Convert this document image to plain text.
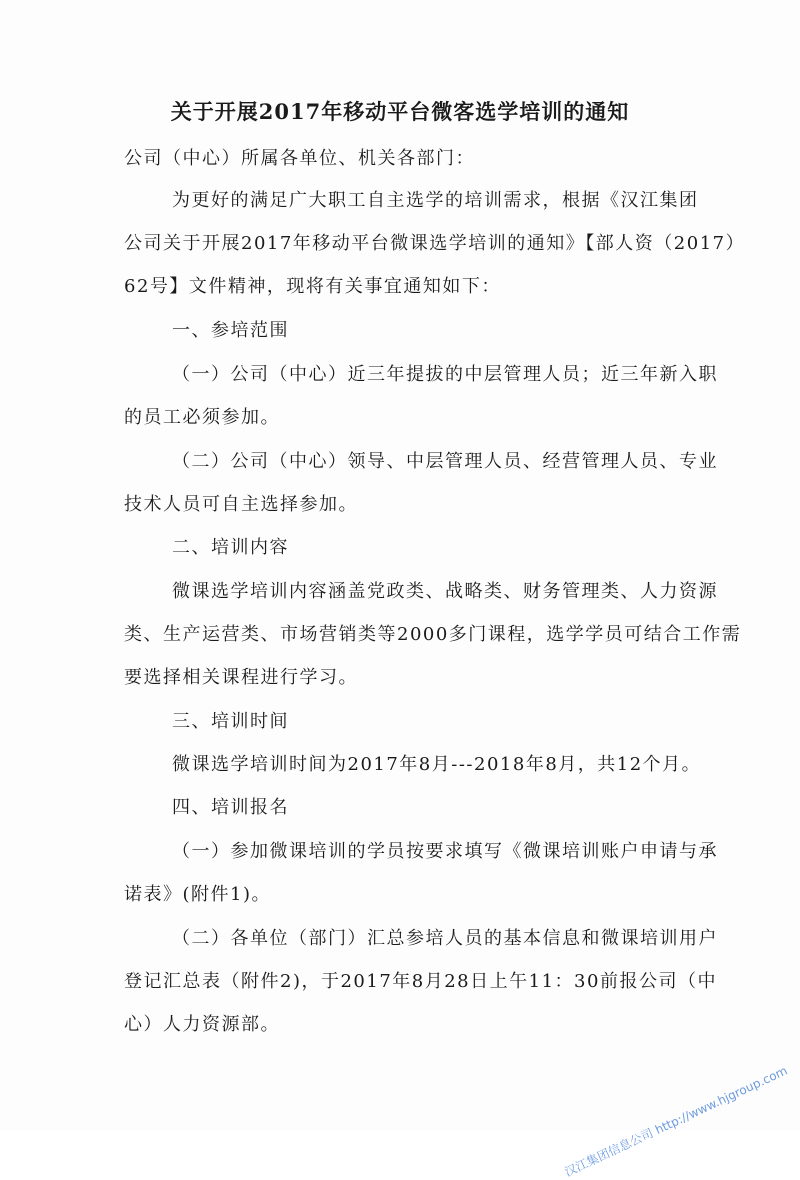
关于开展2017年移动平台微客选学培训的通知
公司（中心）所属各单位、机关各部门：
为更好的满足广大职工自主选学的培训需求，根据《汉江集团
公司关于开展2017年移动平台微课选学培训的通知》【部人资（2017）
62号】文件精神，现将有关事宜通知如下：
一、参培范围
（一）公司（中心）近三年提拔的中层管理人员；近三年新入职
的员工必须参加。
（二）公司（中心）领导、中层管理人员、经营管理人员、专业
技术人员可自主选择参加。
二、培训内容
微课选学培训内容涵盖党政类、战略类、财务管理类、人力资源
类、生产运营类、市场营销类等2000多门课程，选学学员可结合工作需
要选择相关课程进行学习。
三、培训时间
微课选学培训时间为2017年8月---2018年8月，共12个月。
四、培训报名
（一）参加微课培训的学员按要求填写《微课培训账户申请与承
诺表》(附件1)。
（二）各单位（部门）汇总参培人员的基本信息和微课培训用户
登记汇总表（附件2)，于2017年8月28日上午11：30前报公司（中
心）人力资源部。
汉江集团信息公司 http://www.hjgroup.com
